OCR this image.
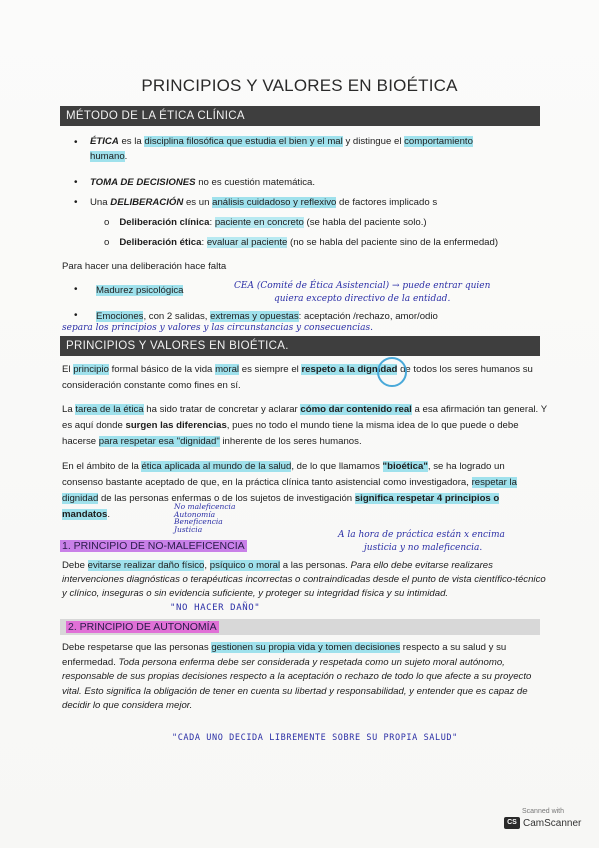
PRINCIPIOS Y VALORES EN BIOÉTICA
MÉTODO DE LA ÉTICA CLÍNICA
• ÉTICA es la disciplina filosófica que estudia el bien y el mal y distingue el comportamiento humano.
• TOMA DE DECISIONES no es cuestión matemática.
• Una DELIBERACIÓN es un análisis cuidadoso y reflexivo de factores implicado s
o Deliberación clínica: paciente en concreto (se habla del paciente solo.)
o Deliberación ética: evaluar al paciente (no se habla del paciente sino de la enfermedad)
Para hacer una deliberación hace falta
• Madurez psicológica	CEA (Comité de Ética Asistencial) → puede entrar quien
quiera excepto directivo de la entidad.
• Emociones, con 2 salidas, extremas y opuestas: aceptación /rechazo, amor/odio
separa los principios y valores y las circunstancias y consecuencias.
PRINCIPIOS Y VALORES EN BIOÉTICA.
El principio formal básico de la vida moral es siempre el respeto a la dignidad de todos los seres humanos su consideración constante como fines en sí.
La tarea de la ética ha sido tratar de concretar y aclarar cómo dar contenido real a esa afirmación tan general. Y es aquí donde surgen las diferencias, pues no todo el mundo tiene la misma idea de lo que puede o debe hacerse para respetar esa "dignidad" inherente de los seres humanos.
En el ámbito de la ética aplicada al mundo de la salud, de lo que llamamos "bioética", se ha logrado un consenso bastante aceptado de que, en la práctica clínica tanto asistencial como investigadora, respetar la dignidad de las personas enfermas o de los sujetos de investigación significa respetar 4 principios o mandatos.
No maleficencia
Autonomía
Beneficencia
Justicia
A la hora de práctica están x encima
justicia y no maleficencia.
1. PRINCIPIO DE NO-MALEFICENCIA
Debe evitarse realizar daño físico, psíquico o moral a las personas. Para ello debe evitarse realizares intervenciones diagnósticas o terapéuticas incorrectas o contraindicadas desde el punto de vista científico-técnico y clínico, inseguras o sin evidencia suficiente, y proteger su integridad física y su intimidad.
"NO HACER DAÑO"
2. PRINCIPIO DE AUTONOMÍA
Debe respetarse que las personas gestionen su propia vida y tomen decisiones respecto a su salud y su enfermedad. Toda persona enferma debe ser considerada y respetada como un sujeto moral autónomo, responsable de sus propias decisiones respecto a la aceptación o rechazo de todo lo que afecte a su proyecto vital. Esto significa la obligación de tener en cuenta su libertad y responsabilidad, y entender que es capaz de decidir lo que considera mejor.
"CADA UNO DECIDA LIBREMENTE SOBRE SU PROPIA SALUD"
Scanned with
CS CamScanner
